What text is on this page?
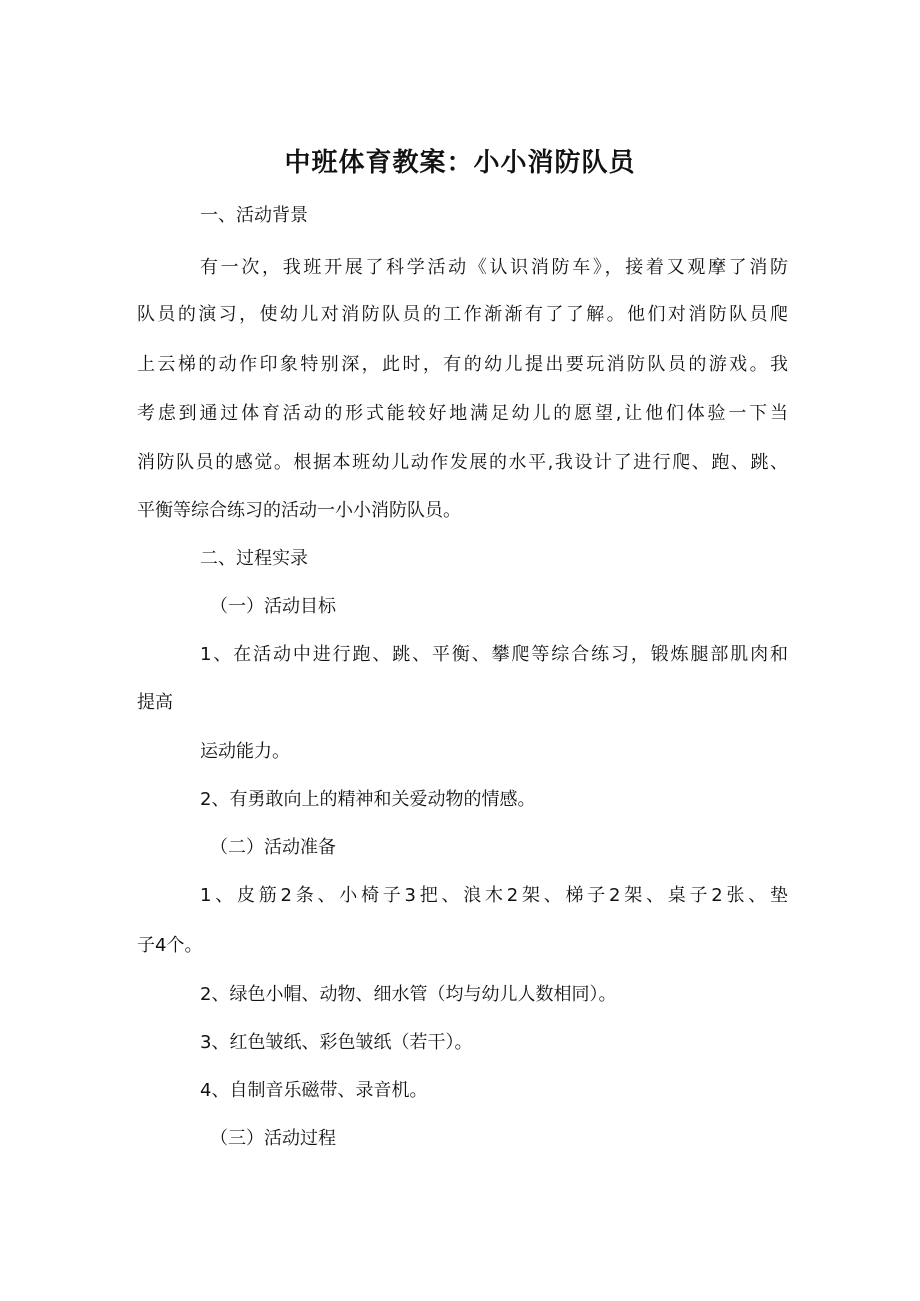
中班体育教案：小小消防队员
一、活动背景
有一次，我班开展了科学活动《认识消防车》，接着又观摩了消防
队员的演习，使幼儿对消防队员的工作渐渐有了了解。他们对消防队员爬
上云梯的动作印象特别深，此时，有的幼儿提出要玩消防队员的游戏。我
考虑到通过体育活动的形式能较好地满足幼儿的愿望,让他们体验一下当
消防队员的感觉。根据本班幼儿动作发展的水平,我设计了进行爬、跑、跳、
平衡等综合练习的活动一小小消防队员。
二、过程实录
（一）活动目标
1、在活动中进行跑、跳、平衡、攀爬等综合练习，锻炼腿部肌肉和
提高
运动能力。
2、有勇敢向上的精神和关爱动物的情感。
（二）活动准备
1、皮筋2条、小椅子3把、浪木2架、梯子2架、桌子2张、垫
子4个。
2、绿色小帽、动物、细水管（均与幼儿人数相同）。
3、红色皱纸、彩色皱纸（若干）。
4、自制音乐磁带、录音机。
（三）活动过程
